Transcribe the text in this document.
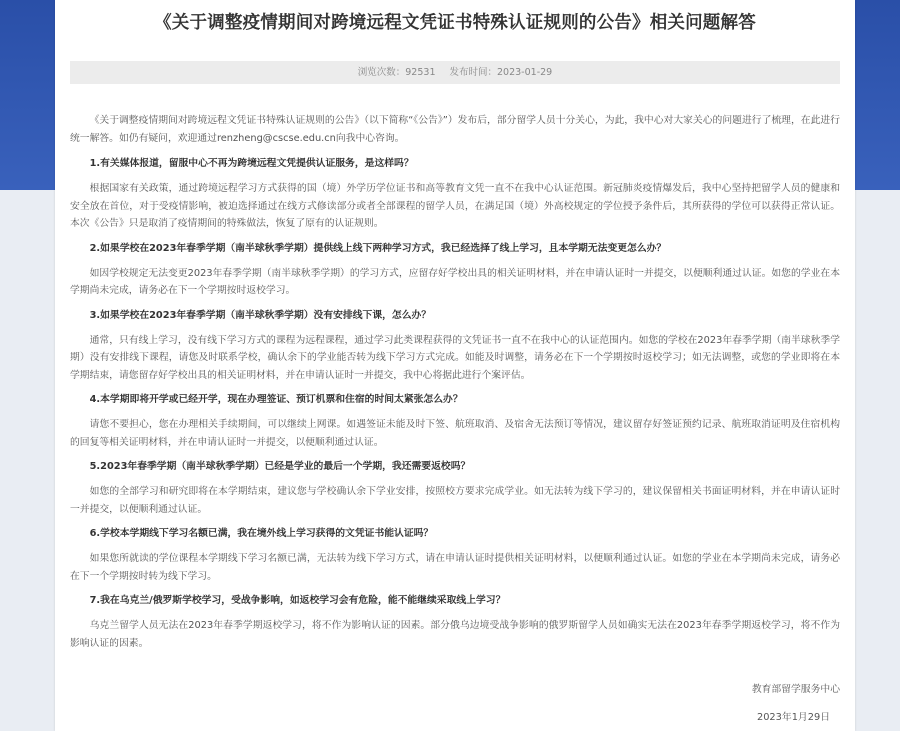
《关于调整疫情期间对跨境远程文凭证书特殊认证规则的公告》相关问题解答
浏览次数：92531 发布时间：2023-01-29

《关于调整疫情期间对跨境远程文凭证书特殊认证规则的公告》（以下简称“《公告》”）发布后，部分留学人员十分关心，为此，我中心对大家关心的问题进行了梳理，在此进行统一解答。如仍有疑问，欢迎通过renzheng@cscse.edu.cn向我中心咨询。

1.有关媒体报道，留服中心不再为跨境远程文凭提供认证服务，是这样吗？

根据国家有关政策，通过跨境远程学习方式获得的国（境）外学历学位证书和高等教育文凭一直不在我中心认证范围。新冠肺炎疫情爆发后，我中心坚持把留学人员的健康和安全放在首位，对于受疫情影响，被迫选择通过在线方式修读部分或者全部课程的留学人员，在满足国（境）外高校规定的学位授予条件后，其所获得的学位可以获得正常认证。本次《公告》只是取消了疫情期间的特殊做法，恢复了原有的认证规则。

2.如果学校在2023年春季学期（南半球秋季学期）提供线上线下两种学习方式，我已经选择了线上学习，且本学期无法变更怎么办？

如因学校规定无法变更2023年春季学期（南半球秋季学期）的学习方式，应留存好学校出具的相关证明材料，并在申请认证时一并提交，以便顺利通过认证。如您的学业在本学期尚未完成，请务必在下一个学期按时返校学习。

3.如果学校在2023年春季学期（南半球秋季学期）没有安排线下课，怎么办？

通常，只有线上学习，没有线下学习方式的课程为远程课程，通过学习此类课程获得的文凭证书一直不在我中心的认证范围内。如您的学校在2023年春季学期（南半球秋季学期）没有安排线下课程，请您及时联系学校，确认余下的学业能否转为线下学习方式完成。如能及时调整，请务必在下一个学期按时返校学习；如无法调整，或您的学业即将在本学期结束，请您留存好学校出具的相关证明材料，并在申请认证时一并提交，我中心将据此进行个案评估。

4.本学期即将开学或已经开学，现在办理签证、预订机票和住宿的时间太紧张怎么办？

请您不要担心，您在办理相关手续期间，可以继续上网课。如遇签证未能及时下签、航班取消、及宿舍无法预订等情况，建议留存好签证预约记录、航班取消证明及住宿机构的回复等相关证明材料，并在申请认证时一并提交，以便顺利通过认证。

5.2023年春季学期（南半球秋季学期）已经是学业的最后一个学期，我还需要返校吗？

如您的全部学习和研究即将在本学期结束，建议您与学校确认余下学业安排，按照校方要求完成学业。如无法转为线下学习的，建议保留相关书面证明材料，并在申请认证时一并提交，以便顺利通过认证。

6.学校本学期线下学习名额已满，我在境外线上学习获得的文凭证书能认证吗？

如果您所就读的学位课程本学期线下学习名额已满，无法转为线下学习方式，请在申请认证时提供相关证明材料，以便顺利通过认证。如您的学业在本学期尚未完成，请务必在下一个学期按时转为线下学习。

7.我在乌克兰/俄罗斯学校学习，受战争影响，如返校学习会有危险，能不能继续采取线上学习？

乌克兰留学人员无法在2023年春季学期返校学习，将不作为影响认证的因素。部分俄乌边境受战争影响的俄罗斯留学人员如确实无法在2023年春季学期返校学习，将不作为影响认证的因素。

教育部留学服务中心
2023年1月29日
